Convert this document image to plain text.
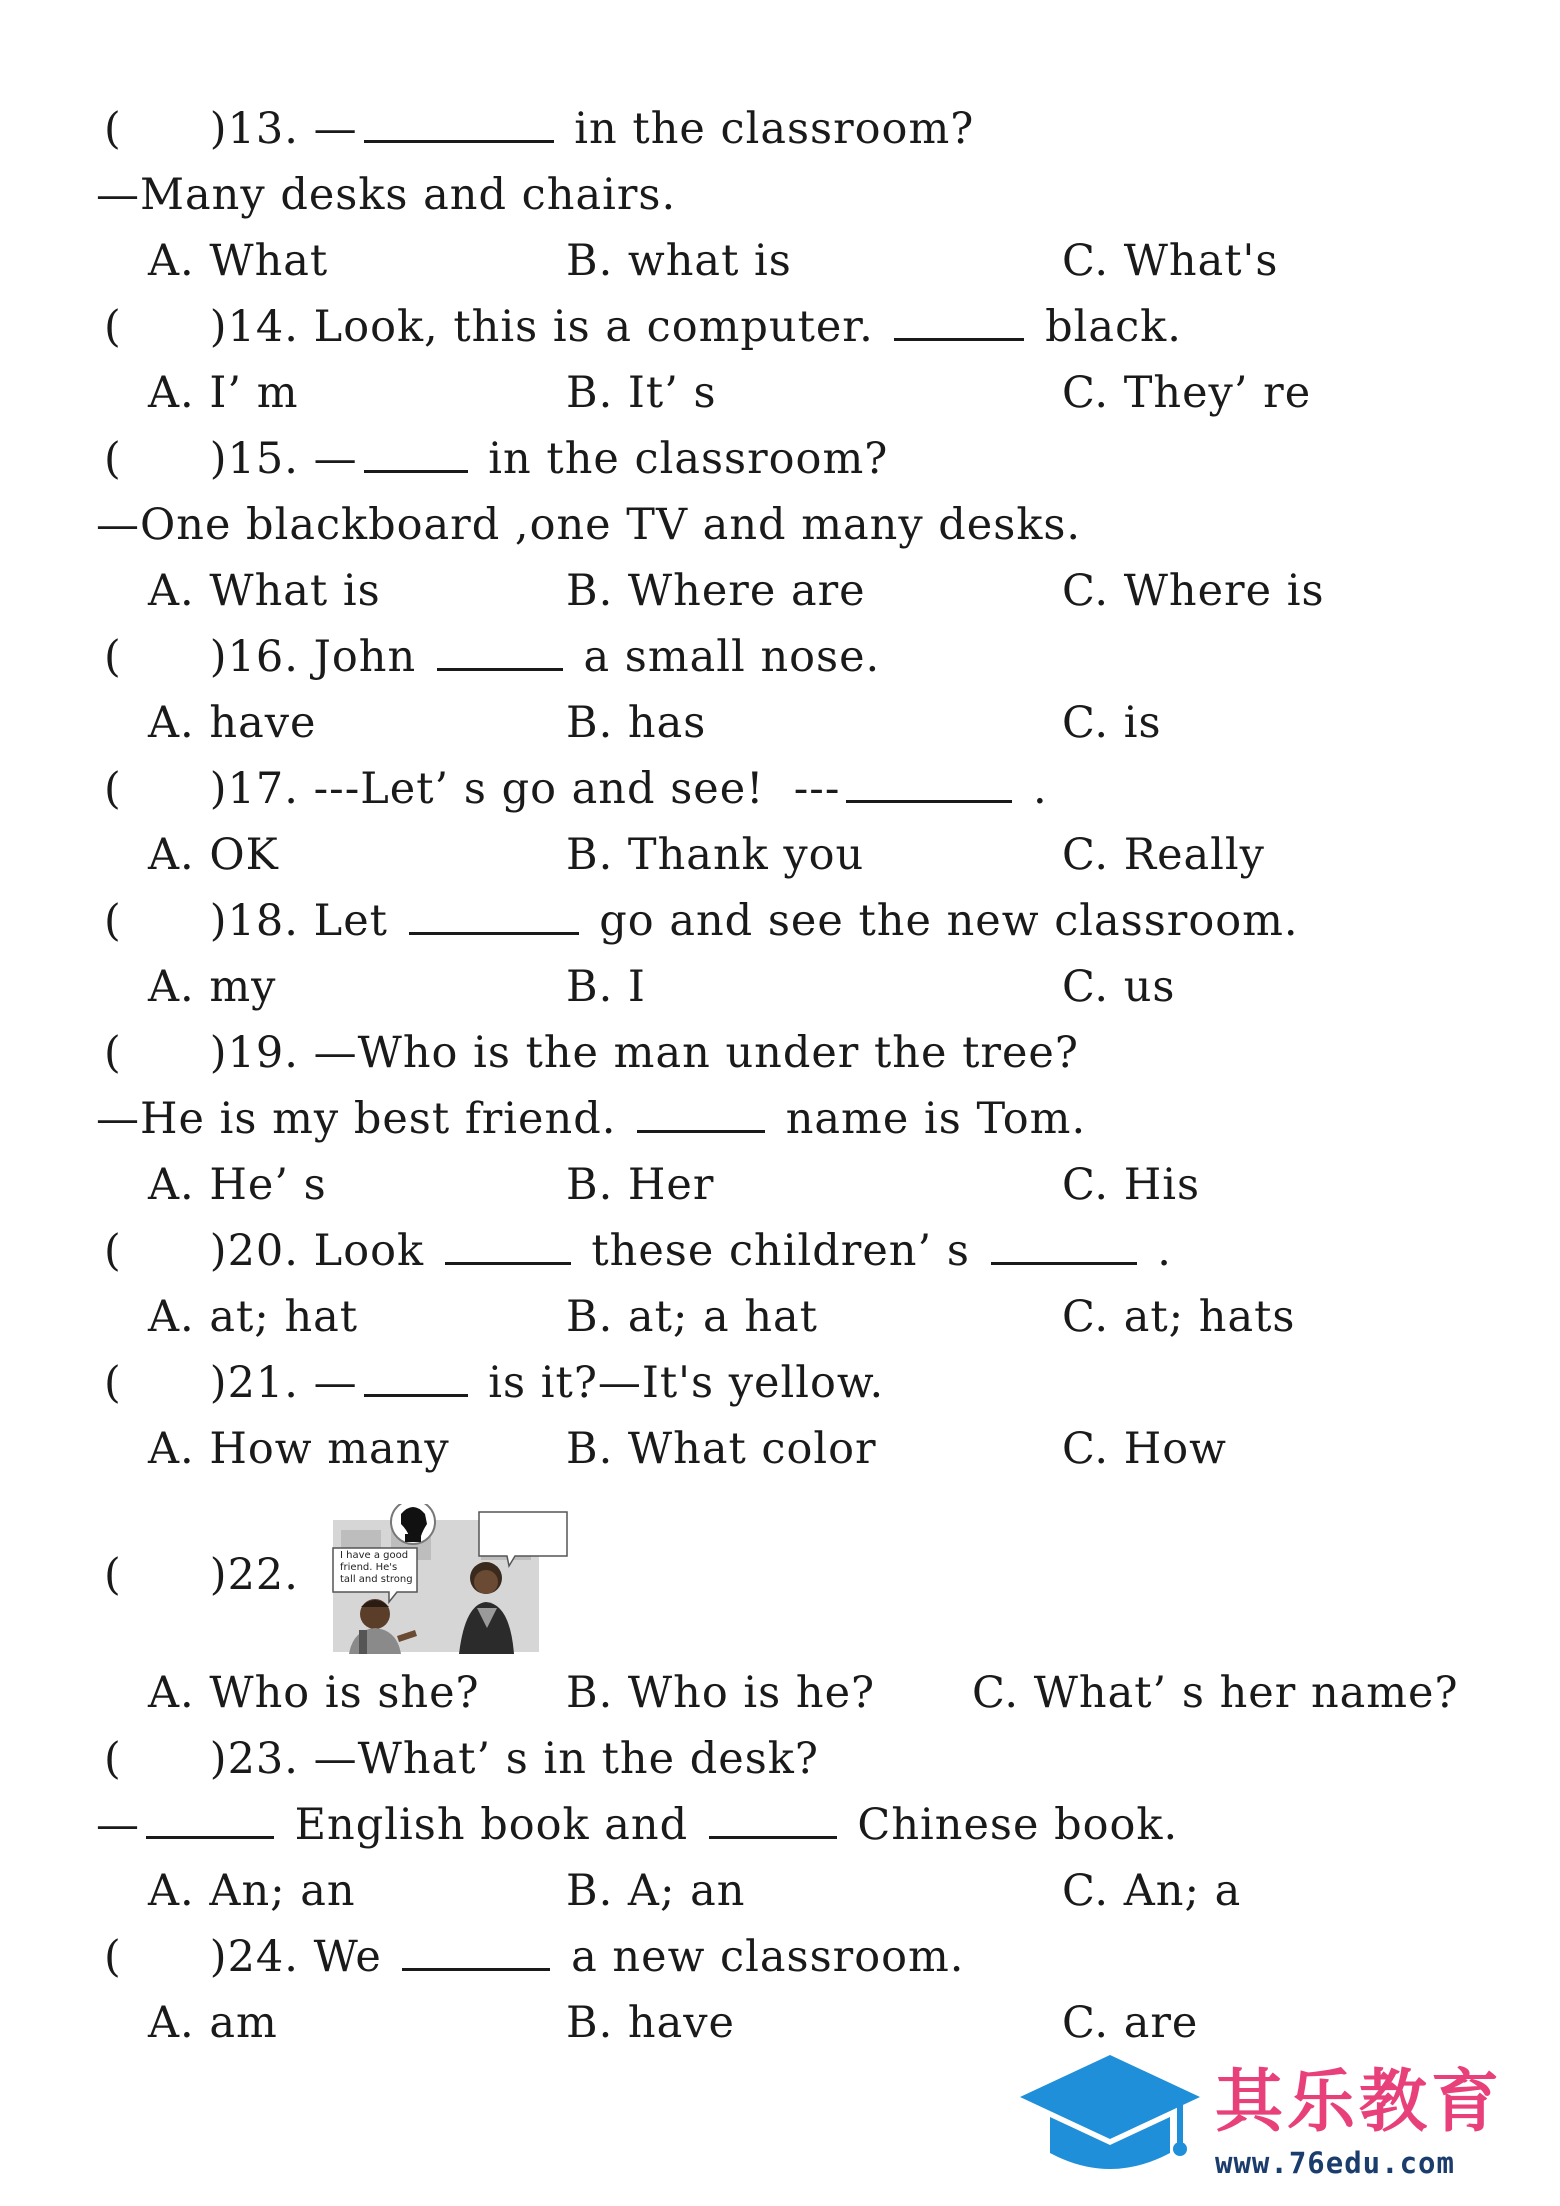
( )13. —	in the classroom?
—Many desks and chairs.
A. What	B. what is	C. What's
( )14. Look, this is a computer.	black.
A. I’ m	B. It’ s	C. They’ re
( )15. —	in the classroom?
—One blackboard ,one TV and many desks.
A. What is	B. Where are	C. Where is
( )16. John	a small nose.
A. have	B. has	C. is
( )17. ---Let’ s go and see!  ---	.
A. OK	B. Thank you	C. Really
( )18. Let	go and see the new classroom.
A. my	B. I	C. us
( )19. —Who is the man under the tree?
—He is my best friend.	name is Tom.
A. He’ s	B. Her	C. His
( )20. Look	these children’ s	.
A. at; hat	B. at; a hat	C. at; hats
( )21. —	is it?—It's yellow.
A. How many	B. What color	C. How
( )22.	I have a good friend. He's tall and strong
A. Who is she? B. Who is he? C. What’ s her name?
( )23. —What’ s in the desk?
—	English book and	Chinese book.
A. An; an	B. A; an	C. An; a
( )24. We	a new classroom.
A. am	B. have	C. are
其乐教育
www.76edu.com
